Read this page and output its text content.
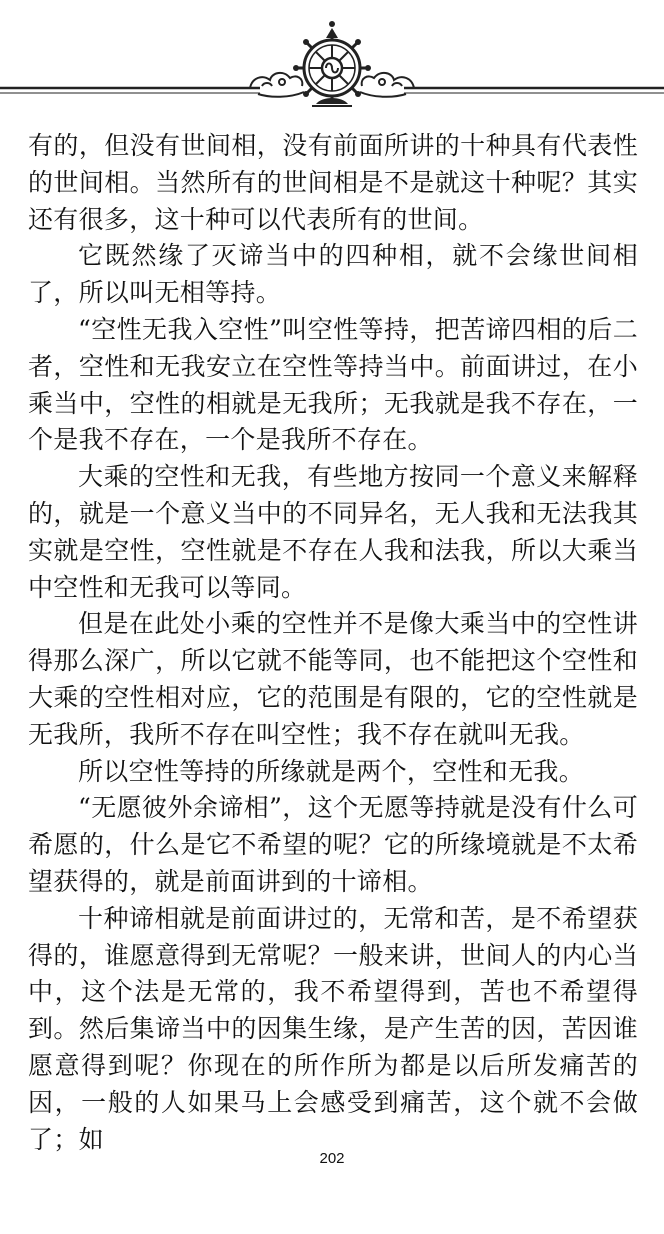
有的，但没有世间相，没有前面所讲的十种具有代表性的世间相。当然所有的世间相是不是就这十种呢？其实还有很多，这十种可以代表所有的世间。

它既然缘了灭谛当中的四种相，就不会缘世间相了，所以叫无相等持。

“空性无我入空性”叫空性等持，把苦谛四相的后二者，空性和无我安立在空性等持当中。前面讲过，在小乘当中，空性的相就是无我所；无我就是我不存在，一个是我不存在，一个是我所不存在。

大乘的空性和无我，有些地方按同一个意义来解释的，就是一个意义当中的不同异名，无人我和无法我其实就是空性，空性就是不存在人我和法我，所以大乘当中空性和无我可以等同。

但是在此处小乘的空性并不是像大乘当中的空性讲得那么深广，所以它就不能等同，也不能把这个空性和大乘的空性相对应，它的范围是有限的，它的空性就是无我所，我所不存在叫空性；我不存在就叫无我。

所以空性等持的所缘就是两个，空性和无我。

“无愿彼外余谛相”，这个无愿等持就是没有什么可希愿的，什么是它不希望的呢？它的所缘境就是不太希望获得的，就是前面讲到的十谛相。

十种谛相就是前面讲过的，无常和苦，是不希望获得的，谁愿意得到无常呢？一般来讲，世间人的内心当中，这个法是无常的，我不希望得到，苦也不希望得到。然后集谛当中的因集生缘，是产生苦的因，苦因谁愿意得到呢？你现在的所作所为都是以后所发痛苦的因，一般的人如果马上会感受到痛苦，这个就不会做了；如

202
